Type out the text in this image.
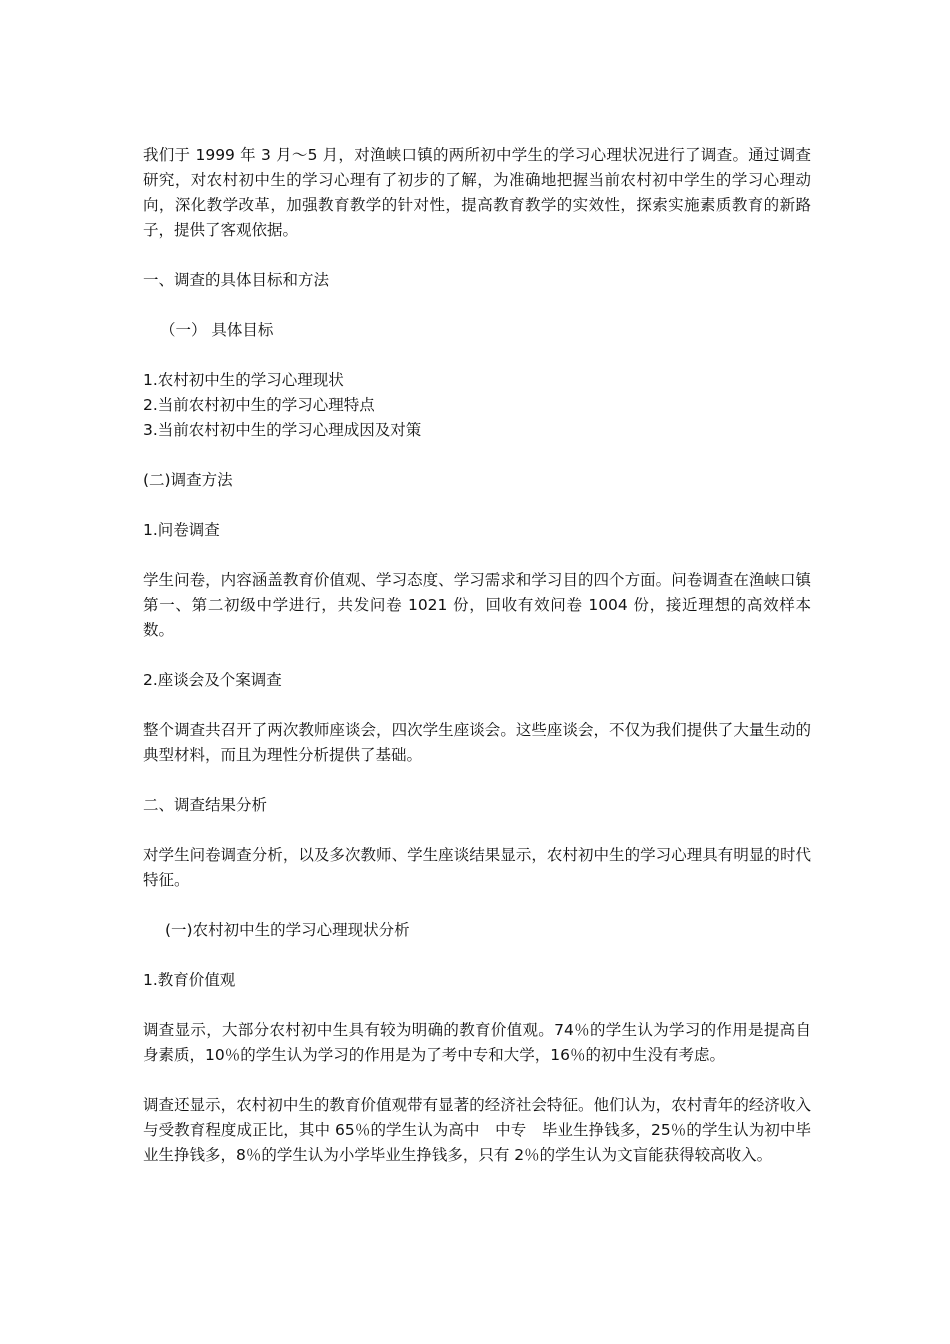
我们于 1999 年 3 月～5 月，对渔峡口镇的两所初中学生的学习心理状况进行了调查。通过调查研究，对农村初中生的学习心理有了初步的了解，为准确地把握当前农村初中学生的学习心理动向，深化教学改革，加强教育教学的针对性，提高教育教学的实效性，探索实施素质教育的新路子，提供了客观依据。

一、调查的具体目标和方法

（一） 具体目标

1.农村初中生的学习心理现状

2.当前农村初中生的学习心理特点

3.当前农村初中生的学习心理成因及对策

(二)调查方法

1.问卷调查

学生问卷，内容涵盖教育价值观、学习态度、学习需求和学习目的四个方面。问卷调查在渔峡口镇第一、第二初级中学进行，共发问卷 1021 份，回收有效问卷 1004 份，接近理想的高效样本数。

2.座谈会及个案调查

整个调查共召开了两次教师座谈会，四次学生座谈会。这些座谈会，不仅为我们提供了大量生动的典型材料，而且为理性分析提供了基础。

二、调查结果分析

对学生问卷调查分析，以及多次教师、学生座谈结果显示，农村初中生的学习心理具有明显的时代特征。

(一)农村初中生的学习心理现状分析

1.教育价值观

调查显示，大部分农村初中生具有较为明确的教育价值观。74％的学生认为学习的作用是提高自身素质，10％的学生认为学习的作用是为了考中专和大学，16％的初中生没有考虑。

调查还显示，农村初中生的教育价值观带有显著的经济社会特征。他们认为，农村青年的经济收入与受教育程度成正比，其中 65％的学生认为高中　中专　毕业生挣钱多，25％的学生认为初中毕业生挣钱多，8％的学生认为小学毕业生挣钱多，只有 2％的学生认为文盲能获得较高收入。
